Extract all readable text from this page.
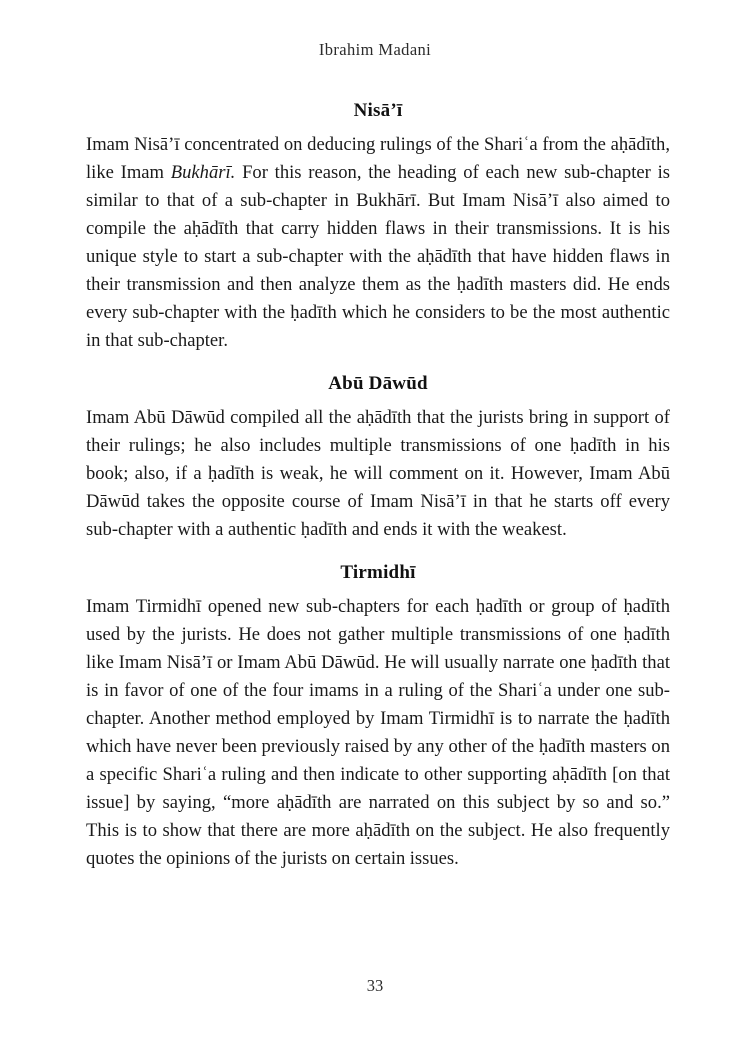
Ibrahim Madani
Nisāʼī

Imam Nisāʼī concentrated on deducing rulings of the Shariʿa from the aḥādīth, like Imam Bukhārī. For this reason, the heading of each new sub-chapter is similar to that of a sub-chapter in Bukhārī. But Imam Nisāʼī also aimed to compile the aḥādīth that carry hidden flaws in their transmissions. It is his unique style to start a sub-chapter with the aḥādīth that have hidden flaws in their transmission and then analyze them as the ḥadīth masters did. He ends every sub-chapter with the ḥadīth which he considers to be the most authentic in that sub-chapter.

Abū Dāwūd

Imam Abū Dāwūd compiled all the aḥādīth that the jurists bring in support of their rulings; he also includes multiple transmissions of one ḥadīth in his book; also, if a ḥadīth is weak, he will comment on it. However, Imam Abū Dāwūd takes the opposite course of Imam Nisāʼī in that he starts off every sub-chapter with a authentic ḥadīth and ends it with the weakest.

Tirmidhī

Imam Tirmidhī opened new sub-chapters for each ḥadīth or group of ḥadīth used by the jurists. He does not gather multiple transmissions of one ḥadīth like Imam Nisāʼī or Imam Abū Dāwūd. He will usually narrate one ḥadīth that is in favor of one of the four imams in a ruling of the Shariʿa under one sub-chapter. Another method employed by Imam Tirmidhī is to narrate the ḥadīth which have never been previously raised by any other of the ḥadīth masters on a specific Shariʿa ruling and then indicate to other supporting aḥādīth [on that issue] by saying, “more aḥādīth are narrated on this subject by so and so.” This is to show that there are more aḥādīth on the subject. He also frequently quotes the opinions of the jurists on certain issues.

33
